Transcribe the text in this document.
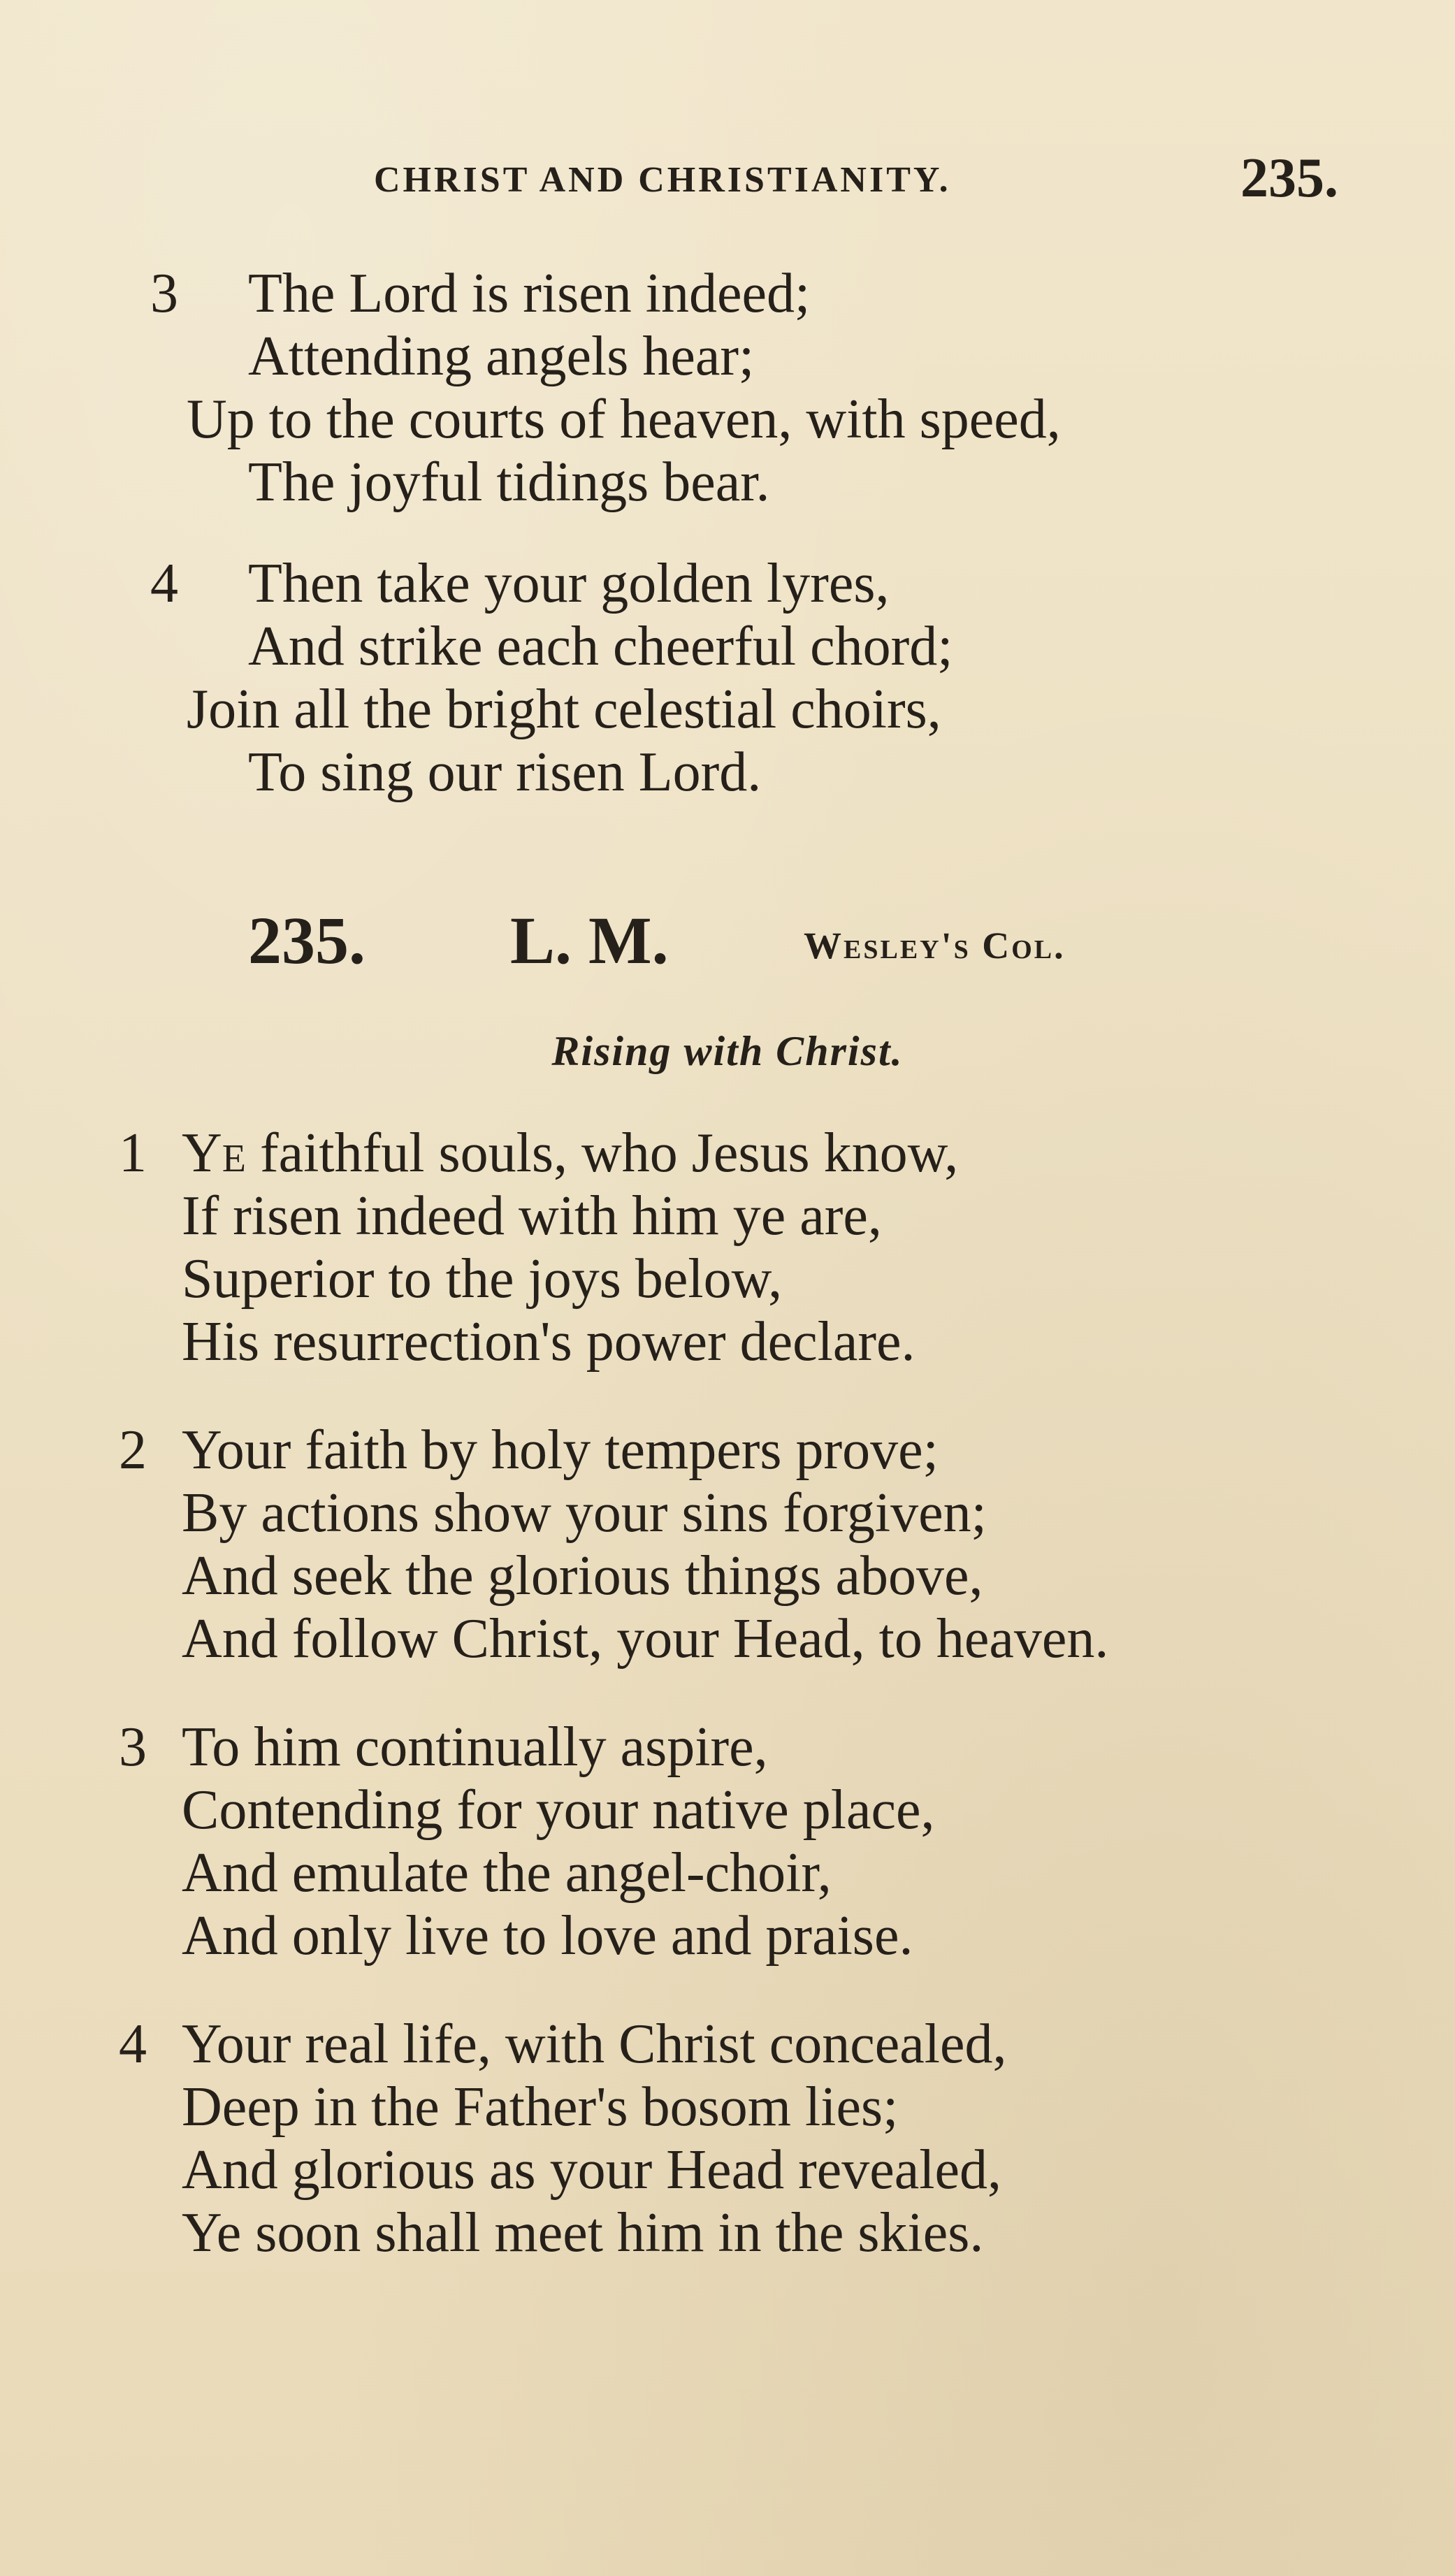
CHRIST AND CHRISTIANITY.	235.
3 The Lord is risen indeed;
Attending angels hear;
Up to the courts of heaven, with speed,
The joyful tidings bear.
4 Then take your golden lyres,
And strike each cheerful chord;
Join all the bright celestial choirs,
To sing our risen Lord.
235. L. M.	Wesley's Col.
Rising with Christ.
1 Ye faithful souls, who Jesus know,
If risen indeed with him ye are,
Superior to the joys below,
His resurrection's power declare.
2 Your faith by holy tempers prove;
By actions show your sins forgiven;
And seek the glorious things above,
And follow Christ, your Head, to heaven.
3 To him continually aspire,
Contending for your native place,
And emulate the angel-choir,
And only live to love and praise.
4 Your real life, with Christ concealed,
Deep in the Father's bosom lies;
And glorious as your Head revealed,
Ye soon shall meet him in the skies.
